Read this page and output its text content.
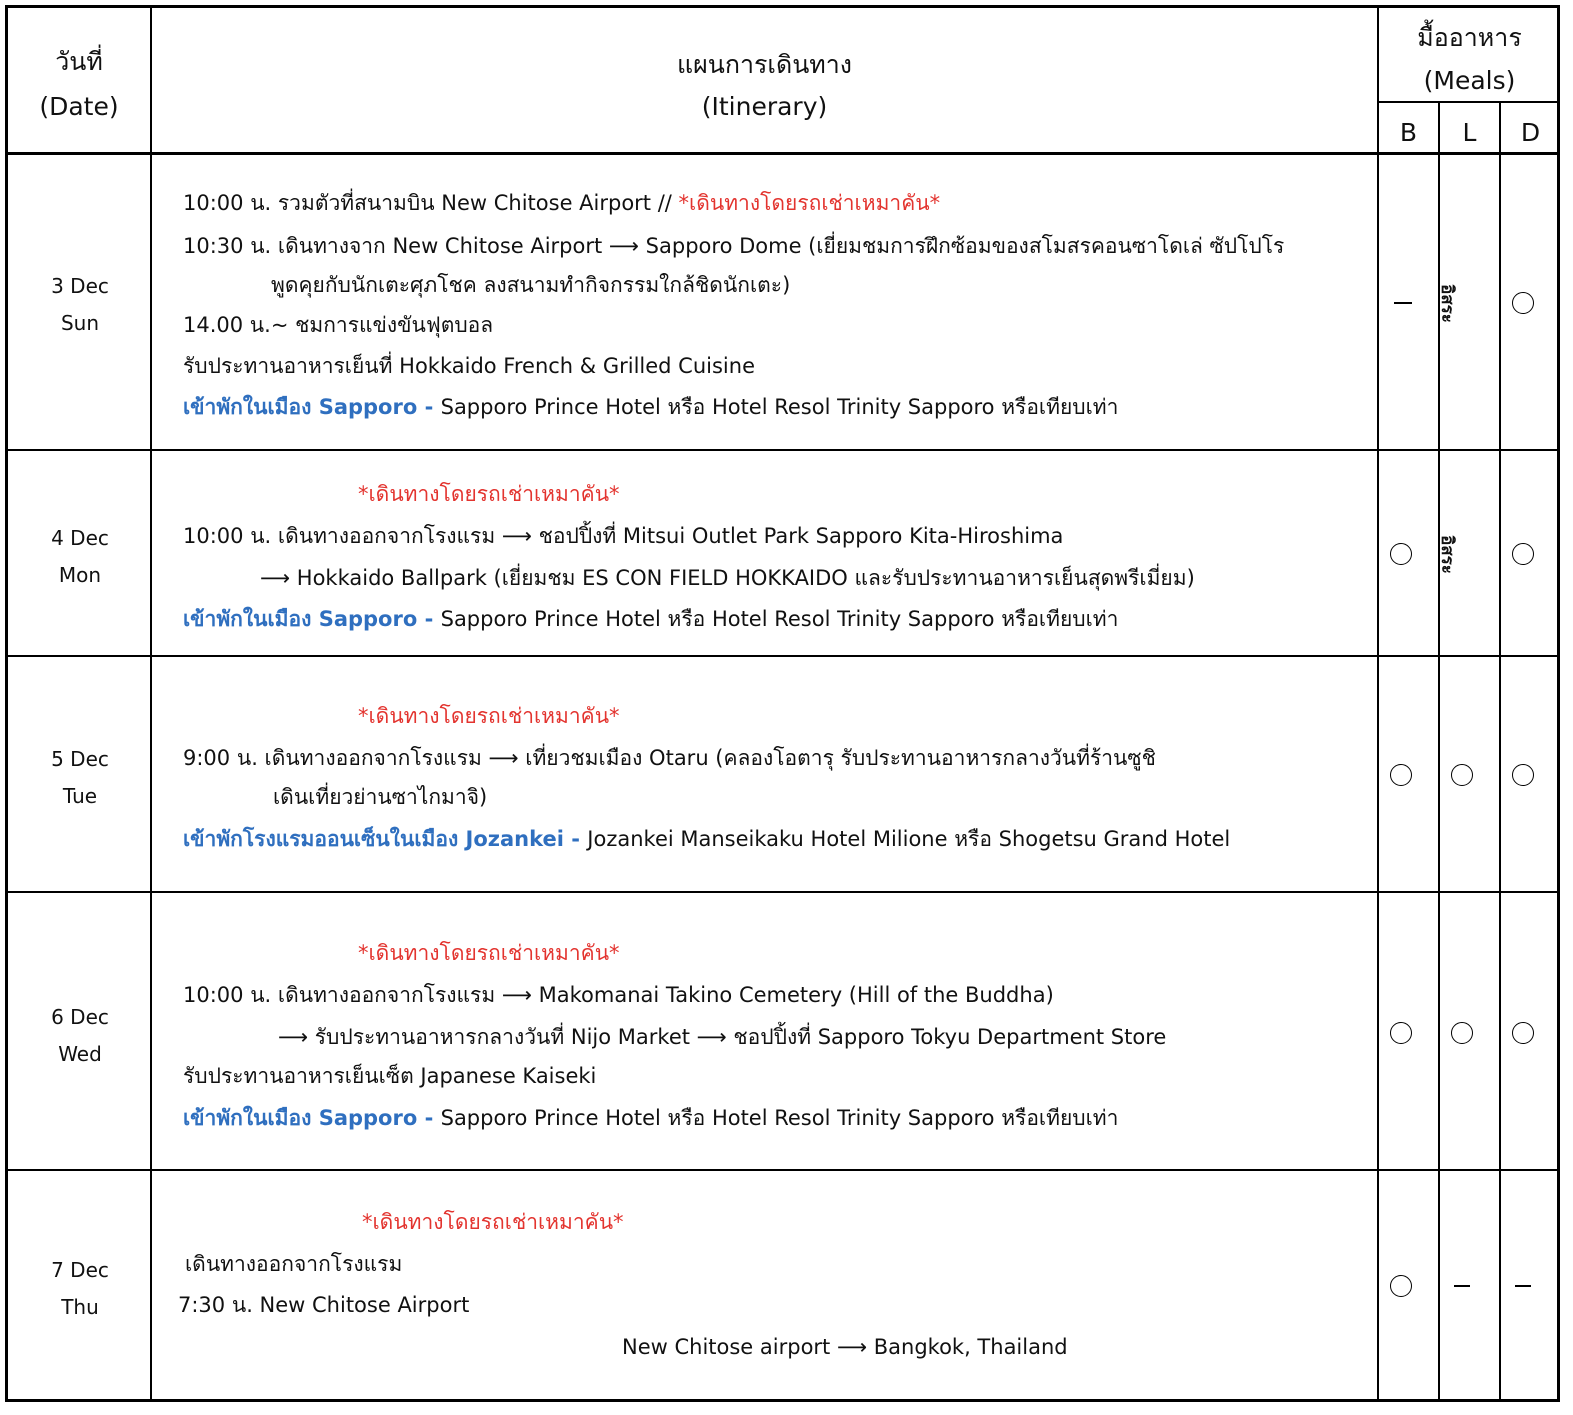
วันที่
(Date)
แผนการเดินทาง
(Itinerary)
มื้ออาหาร
(Meals)
B	L	D
3 Dec
Sun
10:00 น. รวมตัวที่สนามบิน New Chitose Airport // *เดินทางโดยรถเช่าเหมาคัน*
10:30 น. เดินทางจาก New Chitose Airport ⟶ Sapporo Dome (เยี่ยมชมการฝึกซ้อมของสโมสรคอนซาโดเล่ ซัปโปโร
พูดคุยกับนักเตะศุภโชค ลงสนามทำกิจกรรมใกล้ชิดนักเตะ)
14.00 น.~ ชมการแข่งขันฟุตบอล
รับประทานอาหารเย็นที่ Hokkaido French & Grilled Cuisine
เข้าพักในเมือง Sapporo - Sapporo Prince Hotel หรือ Hotel Resol Trinity Sapporo หรือเทียบเท่า
อิสระ
4 Dec
Mon
*เดินทางโดยรถเช่าเหมาคัน*
10:00 น. เดินทางออกจากโรงแรม ⟶ ชอปปิ้งที่ Mitsui Outlet Park Sapporo Kita-Hiroshima
⟶ Hokkaido Ballpark (เยี่ยมชม ES CON FIELD HOKKAIDO และรับประทานอาหารเย็นสุดพรีเมี่ยม)
เข้าพักในเมือง Sapporo - Sapporo Prince Hotel หรือ Hotel Resol Trinity Sapporo หรือเทียบเท่า
อิสระ
5 Dec
Tue
*เดินทางโดยรถเช่าเหมาคัน*
9:00 น. เดินทางออกจากโรงแรม ⟶ เที่ยวชมเมือง Otaru (คลองโอตารุ รับประทานอาหารกลางวันที่ร้านซูชิ
เดินเที่ยวย่านซาไกมาจิ)
เข้าพักโรงแรมออนเซ็นในเมือง Jozankei - Jozankei Manseikaku Hotel Milione หรือ Shogetsu Grand Hotel
6 Dec
Wed
*เดินทางโดยรถเช่าเหมาคัน*
10:00 น. เดินทางออกจากโรงแรม ⟶ Makomanai Takino Cemetery (Hill of the Buddha)
⟶ รับประทานอาหารกลางวันที่ Nijo Market ⟶ ชอปปิ้งที่ Sapporo Tokyu Department Store
รับประทานอาหารเย็นเซ็ต Japanese Kaiseki
เข้าพักในเมือง Sapporo - Sapporo Prince Hotel หรือ Hotel Resol Trinity Sapporo หรือเทียบเท่า
7 Dec
Thu
*เดินทางโดยรถเช่าเหมาคัน*
เดินทางออกจากโรงแรม
7:30 น. New Chitose Airport
New Chitose airport ⟶ Bangkok, Thailand
